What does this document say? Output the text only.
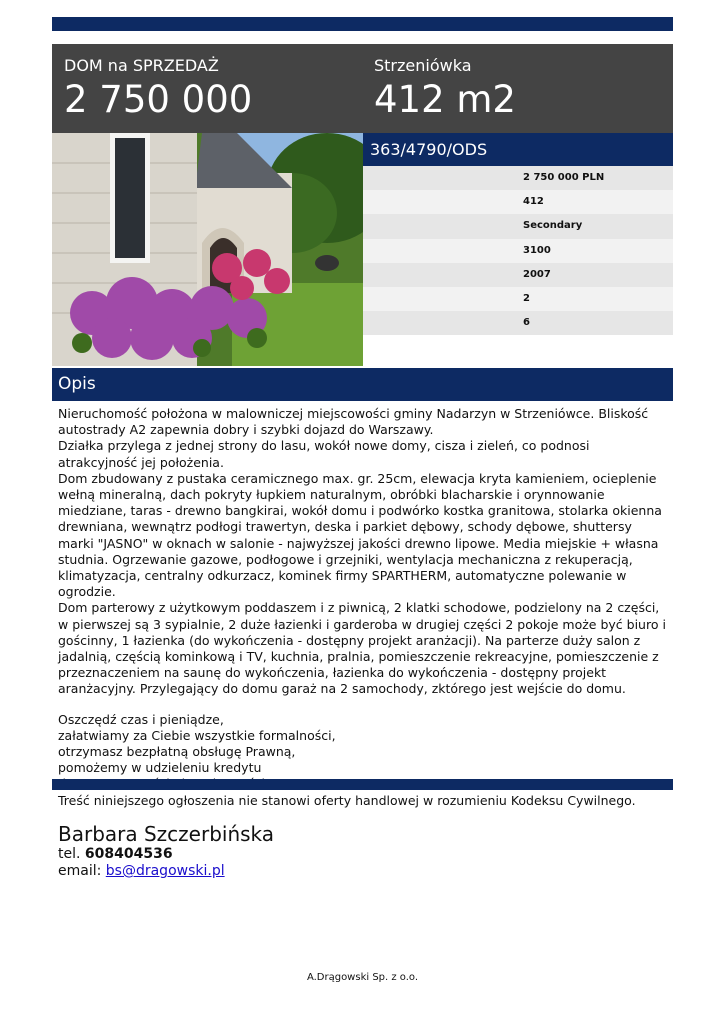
DOM na SPRZEDAŻ
2 750 000
Strzeniówka
412 m2
363/4790/ODS
2 750 000 PLN
412
Secondary
3100
2007
2
6
Opis

Nieruchomość położona w malowniczej miejscowości gminy Nadarzyn w Strzeniówce. Bliskość autostrady A2 zapewnia dobry i szybki dojazd do Warszawy.

Działka przylega z jednej strony do lasu, wokół nowe domy, cisza i zieleń, co podnosi atrakcyjność jej położenia.

Dom zbudowany z pustaka ceramicznego max. gr. 25cm, elewacja kryta kamieniem, ocieplenie wełną mineralną, dach pokryty łupkiem naturalnym, obróbki blacharskie i orynnowanie miedziane, taras - drewno bangkirai, wokół domu i podwórko kostka granitowa, stolarka okienna drewniana, wewnątrz podłogi trawertyn, deska i parkiet dębowy, schody dębowe, shuttersy marki "JASNO" w oknach w salonie - najwyższej jakości drewno lipowe. Media miejskie + własna studnia. Ogrzewanie gazowe, podłogowe i grzejniki, wentylacja mechaniczna z rekuperacją, klimatyzacja, centralny odkurzacz, kominek firmy SPARTHERM, automatyczne polewanie w ogrodzie.

Dom parterowy z użytkowym poddaszem i z piwnicą, 2 klatki schodowe, podzielony na 2 części, w pierwszej są 3 sypialnie, 2 duże łazienki i garderoba w drugiej części 2 pokoje może być biuro i gościnny, 1 łazienka (do wykończenia - dostępny projekt aranżacji). Na parterze duży salon z jadalnią, częścią kominkową i TV, kuchnia, pralnia, pomieszczenie rekreacyjne, pomieszczenie z przeznaczeniem na saunę do wykończenia, łazienka do wykończenia - dostępny projekt aranżacyjny. Przylegający do domu garaż na 2 samochody, zktórego jest wejście do domu.

Oszczędź czas i pieniądze,

załatwiamy za Ciebie wszystkie formalności,

otrzymasz bezpłatną obsługę Prawną,

pomożemy w udzieleniu kredytu

Treść niniejszego ogłoszenia nie stanowi oferty handlowej w rozumieniu Kodeksu Cywilnego.

Barbara Szczerbińska
tel. 608404536
email: bs@dragowski.pl
A.Drągowski Sp. z o.o.
